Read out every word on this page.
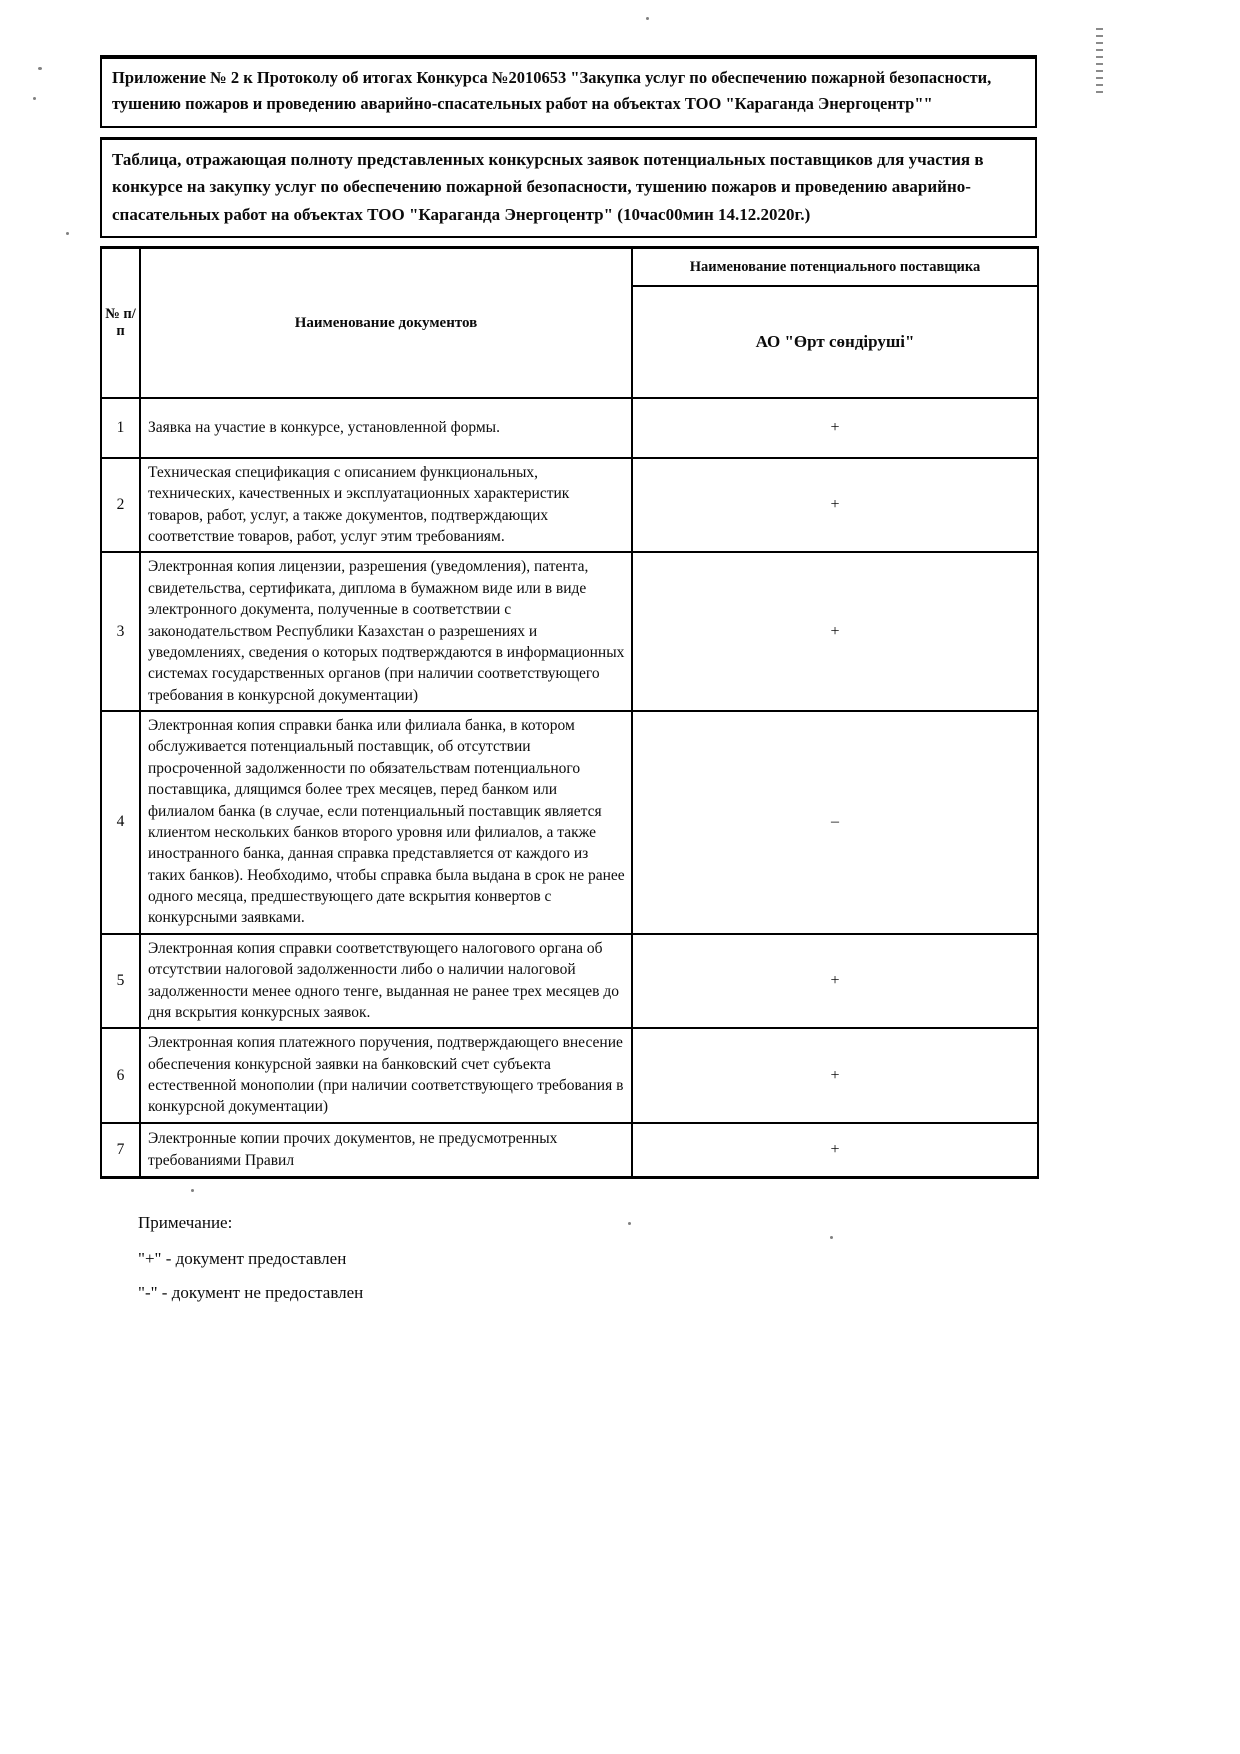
Приложение № 2 к Протоколу об итогах Конкурса №2010653 "Закупка услуг по обеспечению пожарной безопасности, тушению пожаров и проведению аварийно-спасательных работ на объектах ТОО "Караганда Энергоцентр""

Таблица, отражающая полноту представленных конкурсных заявок потенциальных поставщиков для участия в конкурсе на закупку услуг по обеспечению пожарной безопасности, тушению пожаров и проведению аварийно-спасательных работ на объектах ТОО "Караганда Энергоцентр" (10час00мин 14.12.2020г.)

№ п/п	Наименование документов	Наименование потенциального поставщика
		АО "Өрт сөндіруші"
1	Заявка на участие в конкурсе, установленной формы.	+
2	Техническая спецификация с описанием функциональных, технических, качественных и эксплуатационных характеристик товаров, работ, услуг, а также документов, подтверждающих соответствие товаров, работ, услуг этим требованиям.	+
3	Электронная копия лицензии, разрешения (уведомления), патента, свидетельства, сертификата, диплома в бумажном виде или в виде электронного документа, полученные в соответствии с законодательством Республики Казахстан о разрешениях и уведомлениях, сведения о которых подтверждаются в информационных системах государственных органов (при наличии соответствующего требования в конкурсной документации)	+
4	Электронная копия справки банка или филиала банка, в котором обслуживается потенциальный поставщик, об отсутствии просроченной задолженности по обязательствам потенциального поставщика, длящимся более трех месяцев, перед банком или филиалом банка (в случае, если потенциальный поставщик является клиентом нескольких банков второго уровня или филиалов, а также иностранного банка, данная справка представляется от каждого из таких банков). Необходимо, чтобы справка была выдана в срок не ранее одного месяца, предшествующего дате вскрытия конвертов с конкурсными заявками.	–
5	Электронная копия справки соответствующего налогового органа об отсутствии налоговой задолженности либо о наличии налоговой задолженности менее одного тенге, выданная не ранее трех месяцев до дня вскрытия конкурсных заявок.	+
6	Электронная копия платежного поручения, подтверждающего внесение обеспечения конкурсной заявки на банковский счет субъекта естественной монополии (при наличии соответствующего требования в конкурсной документации)	+
7	Электронные копии прочих документов, не предусмотренных требованиями Правил	+

Примечание:

"+" - документ предоставлен

"-" - документ не предоставлен
